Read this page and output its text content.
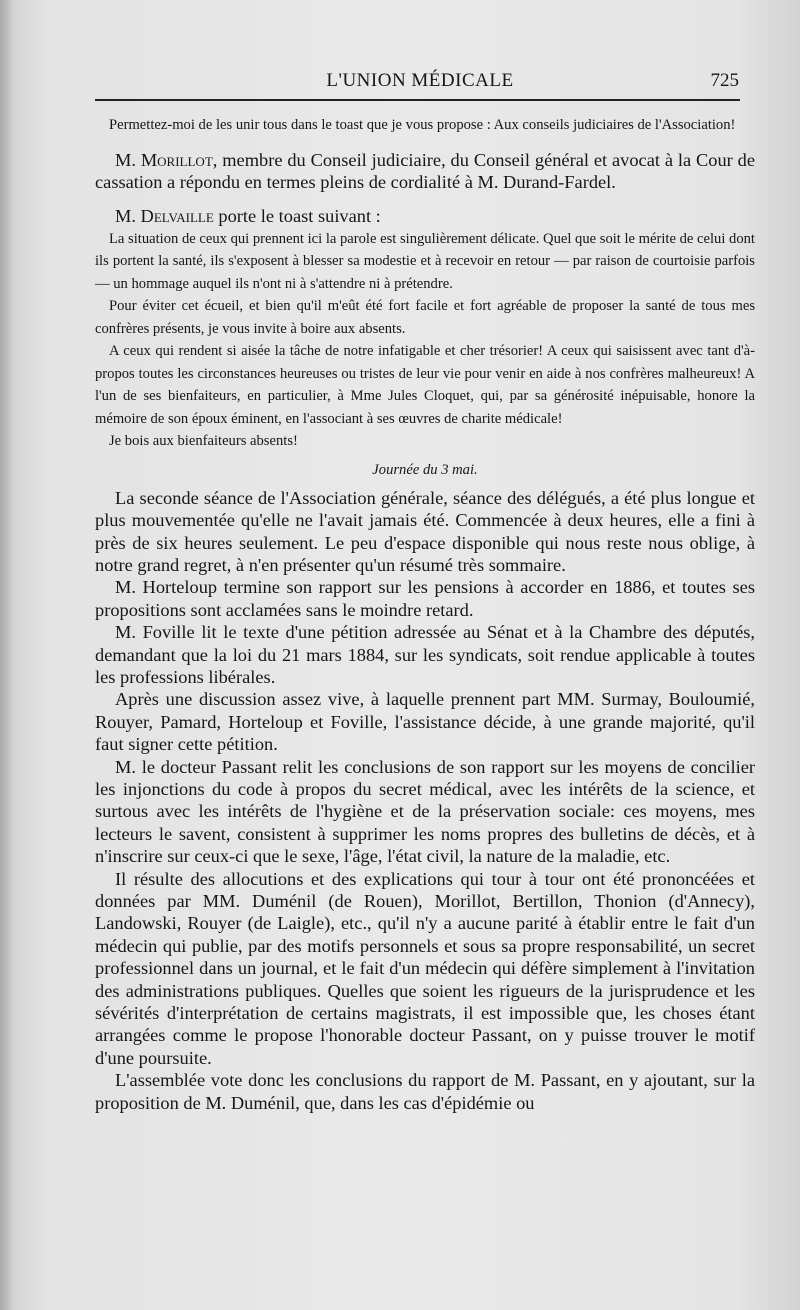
L'UNION MÉDICALE	725

Permettez-moi de les unir tous dans le toast que je vous propose : Aux conseils judiciaires de l'Association!

M. Morillot, membre du Conseil judiciaire, du Conseil général et avocat à la Cour de cassation a répondu en termes pleins de cordialité à M. Durand-Fardel.

M. Delvaille porte le toast suivant :

La situation de ceux qui prennent ici la parole est singulièrement délicate. Quel que soit le mérite de celui dont ils portent la santé, ils s'exposent à blesser sa modestie et à recevoir en retour — par raison de courtoisie parfois — un hommage auquel ils n'ont ni à s'attendre ni à prétendre.

Pour éviter cet écueil, et bien qu'il m'eût été fort facile et fort agréable de proposer la santé de tous mes confrères présents, je vous invite à boire aux absents.

A ceux qui rendent si aisée la tâche de notre infatigable et cher trésorier! A ceux qui saisissent avec tant d'à-propos toutes les circonstances heureuses ou tristes de leur vie pour venir en aide à nos confrères malheureux! A l'un de ses bienfaiteurs, en particulier, à Mme Jules Cloquet, qui, par sa générosité inépuisable, honore la mémoire de son époux éminent, en l'associant à ses œuvres de charite médicale!

Je bois aux bienfaiteurs absents!

Journée du 3 mai.

La seconde séance de l'Association générale, séance des délégués, a été plus longue et plus mouvementée qu'elle ne l'avait jamais été. Commencée à deux heures, elle a fini à près de six heures seulement. Le peu d'espace disponible qui nous reste nous oblige, à notre grand regret, à n'en présenter qu'un résumé très sommaire.

M. Horteloup termine son rapport sur les pensions à accorder en 1886, et toutes ses propositions sont acclamées sans le moindre retard.

M. Foville lit le texte d'une pétition adressée au Sénat et à la Chambre des députés, demandant que la loi du 21 mars 1884, sur les syndicats, soit rendue applicable à toutes les professions libérales.

Après une discussion assez vive, à laquelle prennent part MM. Surmay, Bouloumié, Rouyer, Pamard, Horteloup et Foville, l'assistance décide, à une grande majorité, qu'il faut signer cette pétition.

M. le docteur Passant relit les conclusions de son rapport sur les moyens de concilier les injonctions du code à propos du secret médical, avec les intérêts de la science, et surtous avec les intérêts de l'hygiène et de la préservation sociale: ces moyens, mes lecteurs le savent, consistent à supprimer les noms propres des bulletins de décès, et à n'inscrire sur ceux-ci que le sexe, l'âge, l'état civil, la nature de la maladie, etc.

Il résulte des allocutions et des explications qui tour à tour ont été prononcéées et données par MM. Duménil (de Rouen), Morillot, Bertillon, Thonion (d'Annecy), Landowski, Rouyer (de Laigle), etc., qu'il n'y a aucune parité à établir entre le fait d'un médecin qui publie, par des motifs personnels et sous sa propre responsabilité, un secret professionnel dans un journal, et le fait d'un médecin qui défère simplement à l'invitation des administrations publiques. Quelles que soient les rigueurs de la jurisprudence et les sévérités d'interprétation de certains magistrats, il est impossible que, les choses étant arrangées comme le propose l'honorable docteur Passant, on y puisse trouver le motif d'une poursuite.

L'assemblée vote donc les conclusions du rapport de M. Passant, en y ajoutant, sur la proposition de M. Duménil, que, dans les cas d'épidémie ou
